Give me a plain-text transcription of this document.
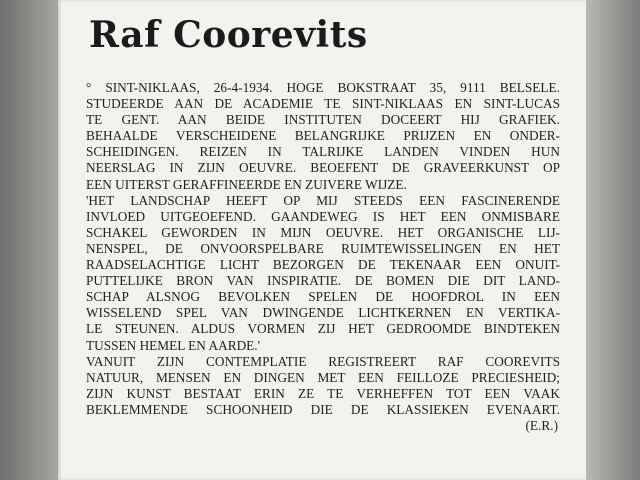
Raf Coorevits
° SINT-NIKLAAS, 26-4-1934. HOGE BOKSTRAAT 35, 9111 BELSELE.
STUDEERDE AAN DE ACADEMIE TE SINT-NIKLAAS EN SINT-LUCAS
TE GENT. AAN BEIDE INSTITUTEN DOCEERT HIJ GRAFIEK.
BEHAALDE VERSCHEIDENE BELANGRIJKE PRIJZEN EN ONDER-
SCHEIDINGEN. REIZEN IN TALRIJKE LANDEN VINDEN HUN
NEERSLAG IN ZIJN OEUVRE. BEOEFENT DE GRAVEERKUNST OP
EEN UITERST GERAFFINEERDE EN ZUIVERE WIJZE.
'HET LANDSCHAP HEEFT OP MIJ STEEDS EEN FASCINERENDE
INVLOED UITGEOEFEND. GAANDEWEG IS HET EEN ONMISBARE
SCHAKEL GEWORDEN IN MIJN OEUVRE. HET ORGANISCHE LIJ-
NENSPEL, DE ONVOORSPELBARE RUIMTEWISSELINGEN EN HET
RAADSELACHTIGE LICHT BEZORGEN DE TEKENAAR EEN ONUIT-
PUTTELIJKE BRON VAN INSPIRATIE. DE BOMEN DIE DIT LAND-
SCHAP ALSNOG BEVOLKEN SPELEN DE HOOFDROL IN EEN
WISSELEND SPEL VAN DWINGENDE LICHTKERNEN EN VERTIKA-
LE STEUNEN. ALDUS VORMEN ZIJ HET GEDROOMDE BINDTEKEN
TUSSEN HEMEL EN AARDE.'
VANUIT ZIJN CONTEMPLATIE REGISTREERT RAF COOREVITS
NATUUR, MENSEN EN DINGEN MET EEN FEILLOZE PRECIESHEID;
ZIJN KUNST BESTAAT ERIN ZE TE VERHEFFEN TOT EEN VAAK
BEKLEMMENDE SCHOONHEID DIE DE KLASSIEKEN EVENAART.
(E.R.)
